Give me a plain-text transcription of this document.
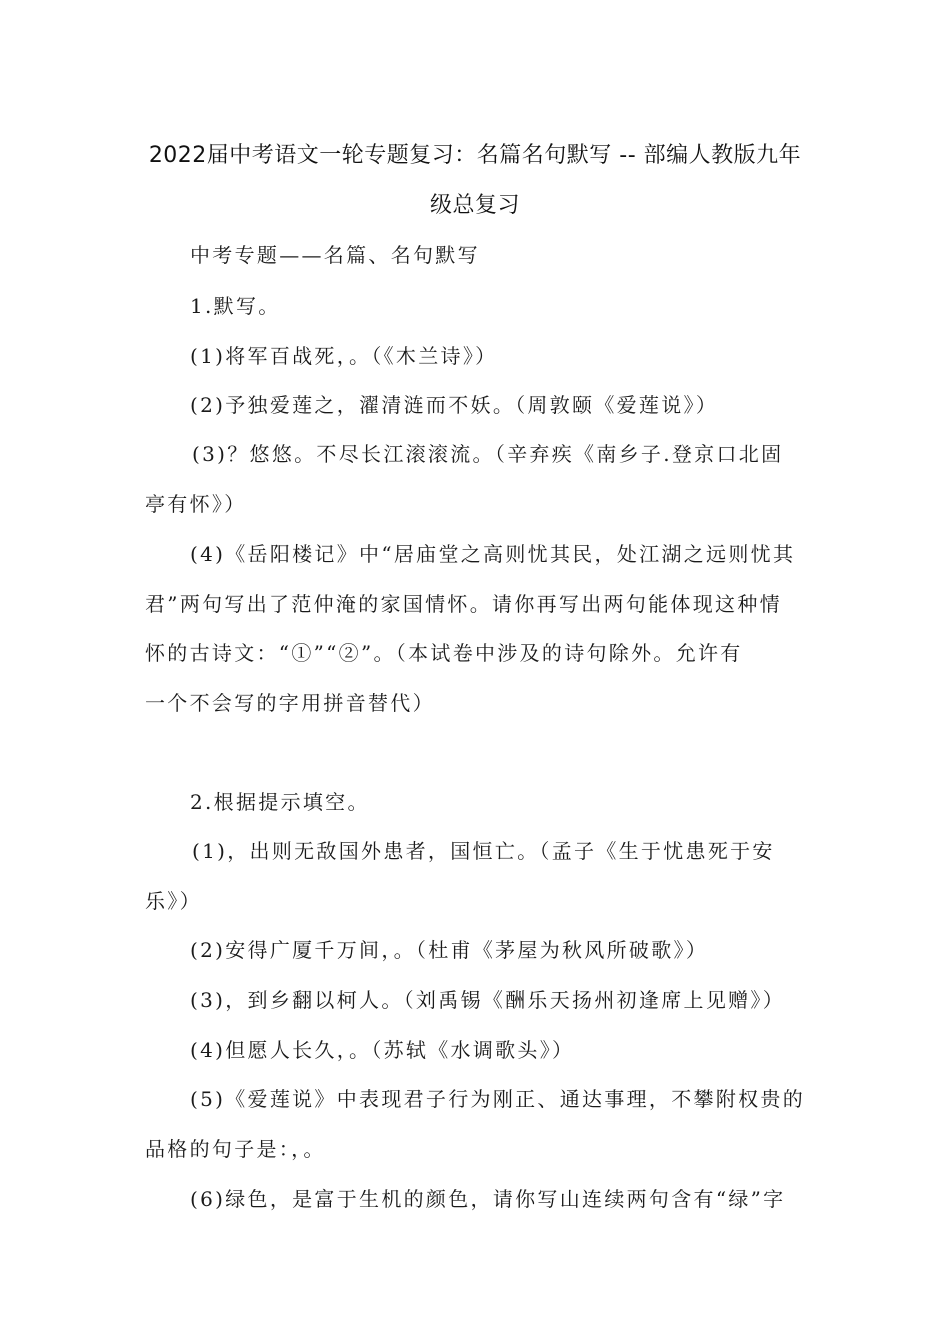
2022届中考语文一轮专题复习：名篇名句默写 -- 部编人教版九年
级总复习
中考专题——名篇、名句默写
1.默写。
(1)将军百战死，。（《木兰诗》）
(2)予独爱莲之，濯清涟而不妖。（周敦颐《爱莲说》）
(3)？悠悠。不尽长江滚滚流。（辛弃疾《南乡子.登京口北固
亭有怀》）
(4)《岳阳楼记》中“居庙堂之高则忧其民，处江湖之远则忧其
君”两句写出了范仲淹的家国情怀。请你再写出两句能体现这种情
怀的古诗文：“①”“②”。（本试卷中涉及的诗句除外。允许有
一个不会写的字用拼音替代）
2.根据提示填空。
(1)，出则无敌国外患者，国恒亡。（孟子《生于忧患死于安
乐》）
(2)安得广厦千万间，。（杜甫《茅屋为秋风所破歌》）
(3)，到乡翻以柯人。（刘禹锡《酬乐天扬州初逢席上见赠》）
(4)但愿人长久，。（苏轼《水调歌头》）
(5)《爱莲说》中表现君子行为刚正、通达事理，不攀附权贵的
品格的句子是：，。
(6)绿色，是富于生机的颜色，请你写山连续两句含有“绿”字
